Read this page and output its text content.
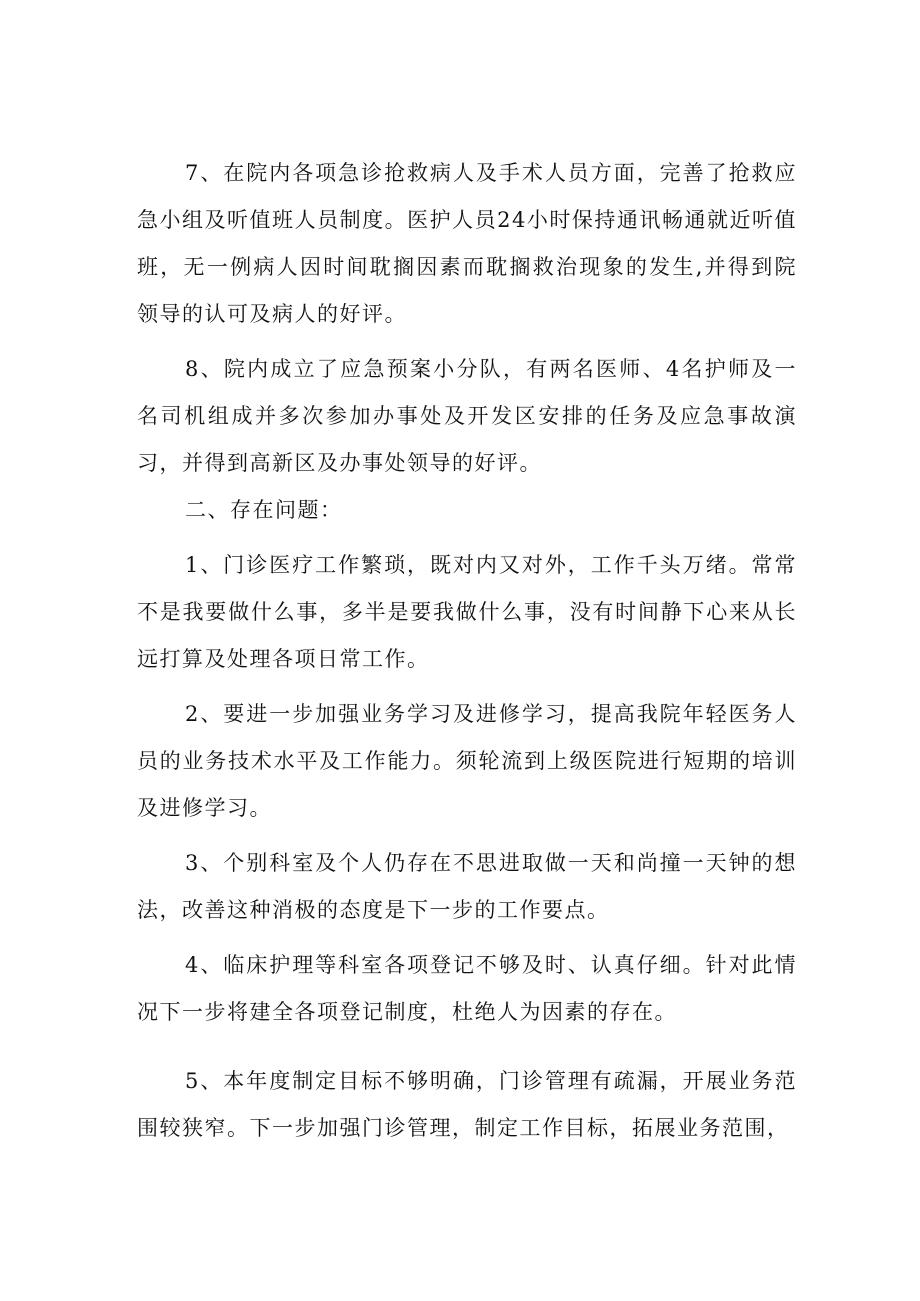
7、在院内各项急诊抢救病人及手术人员方面，完善了抢救应急小组及听值班人员制度。医护人员24小时保持通讯畅通就近听值班，无一例病人因时间耽搁因素而耽搁救治现象的发生,并得到院领导的认可及病人的好评。

8、院内成立了应急预案小分队，有两名医师、4名护师及一名司机组成并多次参加办事处及开发区安排的任务及应急事故演习，并得到高新区及办事处领导的好评。

二、存在问题：

1、门诊医疗工作繁琐，既对内又对外，工作千头万绪。常常不是我要做什么事，多半是要我做什么事，没有时间静下心来从长远打算及处理各项日常工作。

2、要进一步加强业务学习及进修学习，提高我院年轻医务人员的业务技术水平及工作能力。须轮流到上级医院进行短期的培训及进修学习。

3、个别科室及个人仍存在不思进取做一天和尚撞一天钟的想法，改善这种消极的态度是下一步的工作要点。

4、临床护理等科室各项登记不够及时、认真仔细。针对此情况下一步将建全各项登记制度，杜绝人为因素的存在。

5、本年度制定目标不够明确，门诊管理有疏漏，开展业务范围较狭窄。下一步加强门诊管理，制定工作目标，拓展业务范围，
